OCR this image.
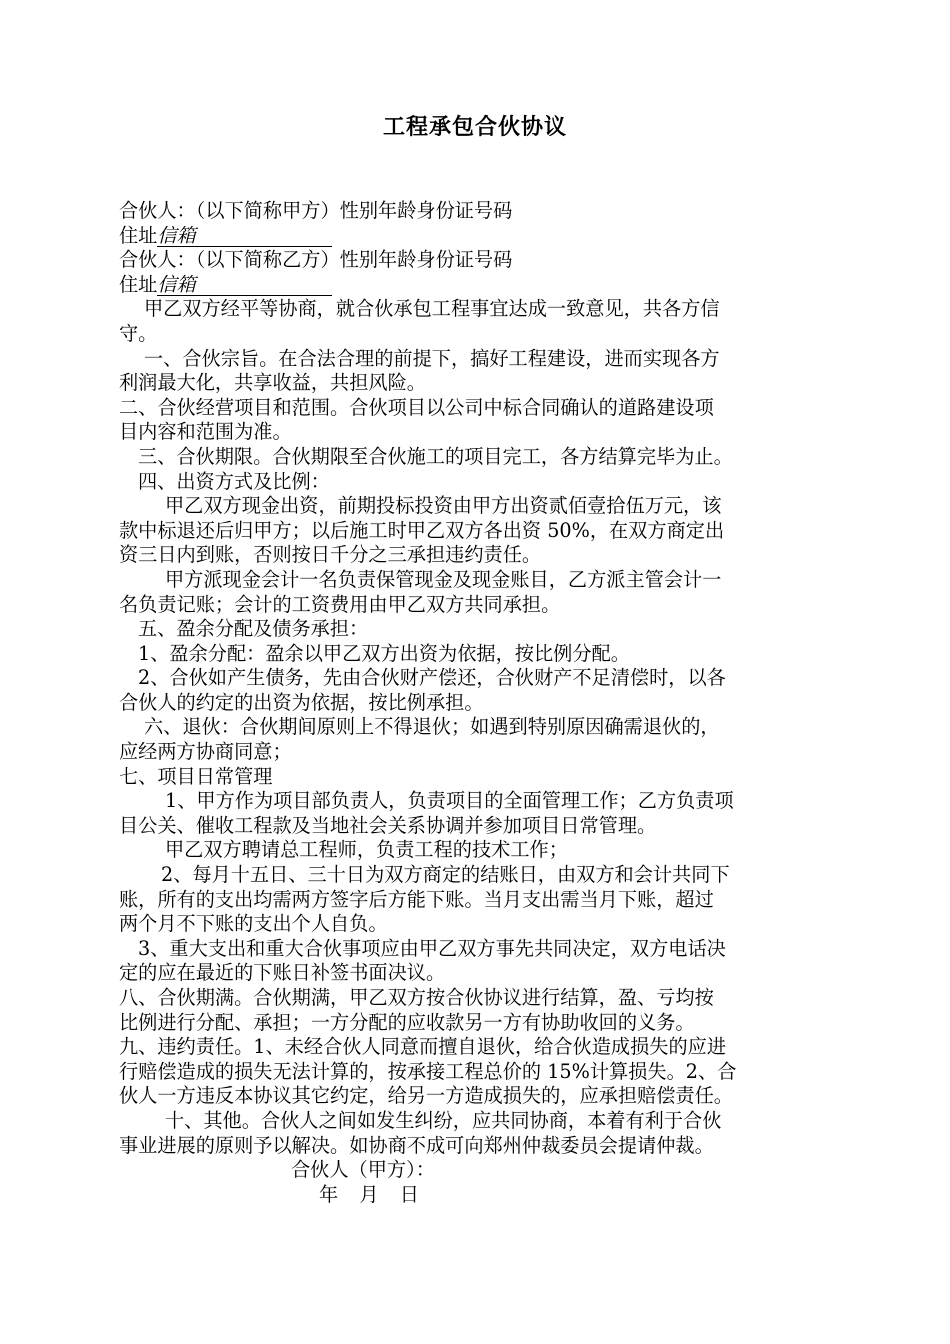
工程承包合伙协议
合伙人：（以下简称甲方）性别年龄身份证号码
住址信箱
合伙人：（以下简称乙方）性别年龄身份证号码
住址信箱
甲乙双方经平等协商，就合伙承包工程事宜达成一致意见，共各方信
守。
一、合伙宗旨。在合法合理的前提下，搞好工程建设，进而实现各方
利润最大化，共享收益，共担风险。
二、合伙经营项目和范围。合伙项目以公司中标合同确认的道路建设项
目内容和范围为准。
三、合伙期限。合伙期限至合伙施工的项目完工，各方结算完毕为止。
四、出资方式及比例：
甲乙双方现金出资，前期投标投资由甲方出资贰佰壹拾伍万元，该
款中标退还后归甲方；以后施工时甲乙双方各出资 50%，在双方商定出
资三日内到账，否则按日千分之三承担违约责任。
甲方派现金会计一名负责保管现金及现金账目，乙方派主管会计一
名负责记账；会计的工资费用由甲乙双方共同承担。
五、盈余分配及债务承担：
1、盈余分配：盈余以甲乙双方出资为依据，按比例分配。
2、合伙如产生债务，先由合伙财产偿还，合伙财产不足清偿时，以各
合伙人的约定的出资为依据，按比例承担。
六、退伙：合伙期间原则上不得退伙；如遇到特别原因确需退伙的，
应经两方协商同意；
七、项目日常管理
1、甲方作为项目部负责人，负责项目的全面管理工作；乙方负责项
目公关、催收工程款及当地社会关系协调并参加项目日常管理。
甲乙双方聘请总工程师，负责工程的技术工作；
2、每月十五日、三十日为双方商定的结账日，由双方和会计共同下
账，所有的支出均需两方签字后方能下账。当月支出需当月下账，超过
两个月不下账的支出个人自负。
3、重大支出和重大合伙事项应由甲乙双方事先共同决定，双方电话决
定的应在最近的下账日补签书面决议。
八、合伙期满。合伙期满，甲乙双方按合伙协议进行结算，盈、亏均按
比例进行分配、承担；一方分配的应收款另一方有协助收回的义务。
九、违约责任。1、未经合伙人同意而擅自退伙，给合伙造成损失的应进
行赔偿造成的损失无法计算的，按承接工程总价的 15%计算损失。2、合
伙人一方违反本协议其它约定，给另一方造成损失的，应承担赔偿责任。
十、其他。合伙人之间如发生纠纷，应共同协商，本着有利于合伙
事业进展的原则予以解决。如协商不成可向郑州仲裁委员会提请仲裁。
合伙人（甲方）：
年　月　日
